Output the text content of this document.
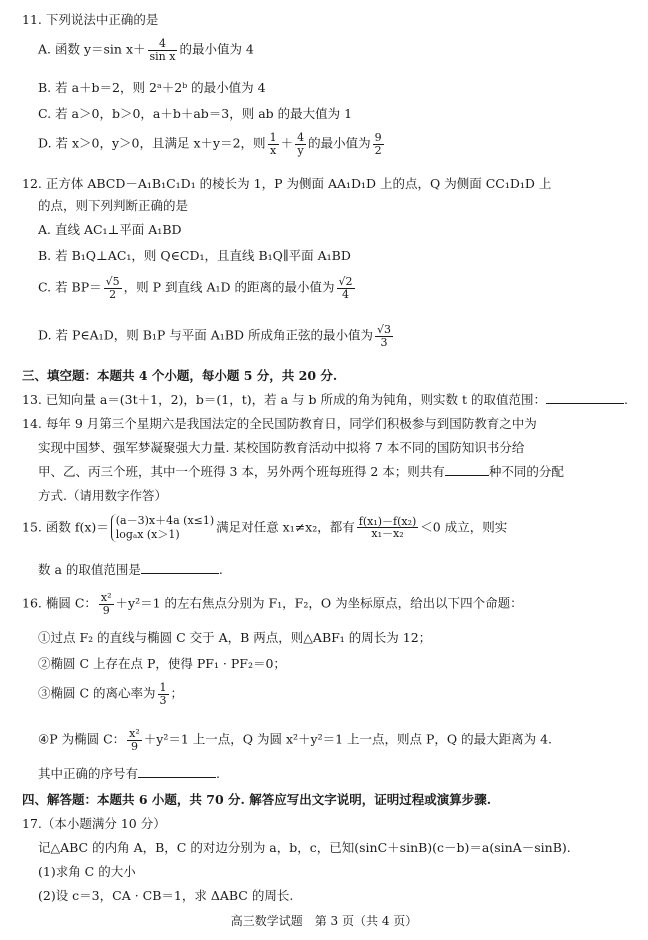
11. 下列说法中正确的是
A. 函数 y＝sin $x+ \frac{4}{\text{sin x}}$ 的最小值为 4
B. 若 a＋b＝2，则 2ᵃ＋2ᵇ 的最小值为 4
C. 若 a＞0，b＞0，a＋b＋ab＝3，则 ab 的最大值为 1
D. 若 x＞0，y＞0，且满足 x＋y＝2，则 $\frac{1}{x} + \frac{4}{y}$ 的最小值为 $\frac{9}{2}$
12. 正方体 ABCD－A₁B₁C₁D₁ 的棱长为 1，P 为侧面 AA₁D₁D 上的点，Q 为侧面 CC₁D₁D 上
的点，则下列判断正确的是
A. 直线 AC₁⊥平面 A₁BD
B. 若 B₁Q⊥AC₁，则 Q∈CD₁，且直线 B₁Q∥平面 A₁BD
C. 若 $BP= \frac{√5}{2}$ ，则 P 到直线 A₁D 的距离的最小值为 $\frac{√2}{4}$
D. 若 P∈A₁D，则 B₁P 与平面 A₁BD 所成角正弦的最小值为 $\frac{√3}{3}$
三、填空题：本题共 4 个小题，每小题 5 分，共 20 分.
13. 已知向量 a＝(3t＋1，2)，b＝(1，t)，若 a 与 b 所成的角为钝角，则实数 t 的取值范围：	.
14. 每年 9 月第三个星期六是我国法定的全民国防教育日，同学们积极参与到国防教育之中为
实现中国梦、强军梦凝聚强大力量. 某校国防教育活动中拟将 7 本不同的国防知识书分给
甲、乙、丙三个班，其中一个班得 3 本，另外两个班每班得 2 本；则共有	种不同的分配
方式.（请用数字作答）
15. 函数 f(x)＝ (a－3)x＋4a (x≤1)
logₐx (x＞1)	满足对任意 x₁≠x₂，都有 $\frac{\text{f(x₁)－f(x₂)}}{\text{x₁－x₂}} <0$ 成立，则实
数 a 的取值范围是	.
16. 椭圆 C： $\frac{\text{x²}}{9} +y^2=1$ 的左右焦点分别为 F₁，F₂，O 为坐标原点，给出以下四个命题：
①过点 F₂ 的直线与椭圆 C 交于 A，B 两点，则△ABF₁ 的周长为 12；
②椭圆 C 上存在点 P，使得 PF₁ · PF₂＝0；
③椭圆 C 的离心率为 $\frac{1}{3}$ ；
④P 为椭圆 C： $\frac{\text{x²}}{9} +y^2=1$ 上一点，Q 为圆 x²＋y²＝1 上一点，则点 P，Q 的最大距离为 4.
其中正确的序号有	.
四、解答题：本题共 6 小题，共 70 分. 解答应写出文字说明，证明过程或演算步骤.
17.（本小题满分 10 分）
记△ABC 的内角 A，B，C 的对边分别为 a，b，c，已知(sinC＋sinB)(c－b)＝a(sinA－sinB).
(1)求角 C 的大小
(2)设 c＝3，CA · CB＝1，求 ΔABC 的周长.
高三数学试题　第 3 页（共 4 页）
